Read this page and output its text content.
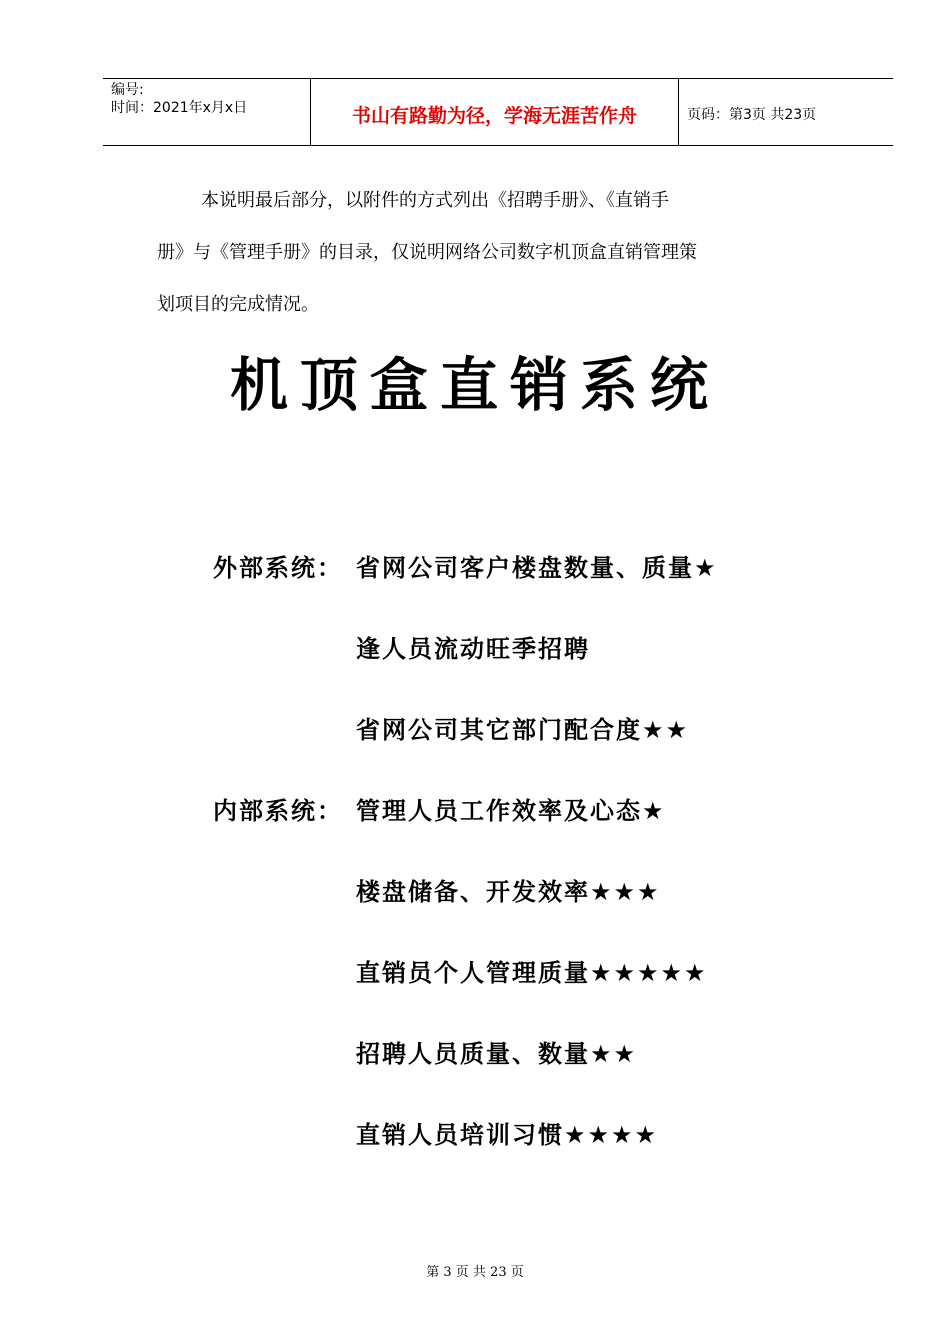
编号:
时间：2021年x月x日	书山有路勤为径，学海无涯苦作舟	页码：第3页 共23页
本说明最后部分，以附件的方式列出《招聘手册》、《直销手
册》与《管理手册》的目录，仅说明网络公司数字机顶盒直销管理策
划项目的完成情况。
机顶盒直销系统
外部系统： 省网公司客户楼盘数量、质量★
逢人员流动旺季招聘
省网公司其它部门配合度★★
内部系统： 管理人员工作效率及心态★
楼盘储备、开发效率★★★
直销员个人管理质量★★★★★
招聘人员质量、数量★★
直销人员培训习惯★★★★
第 3 页 共 23 页
